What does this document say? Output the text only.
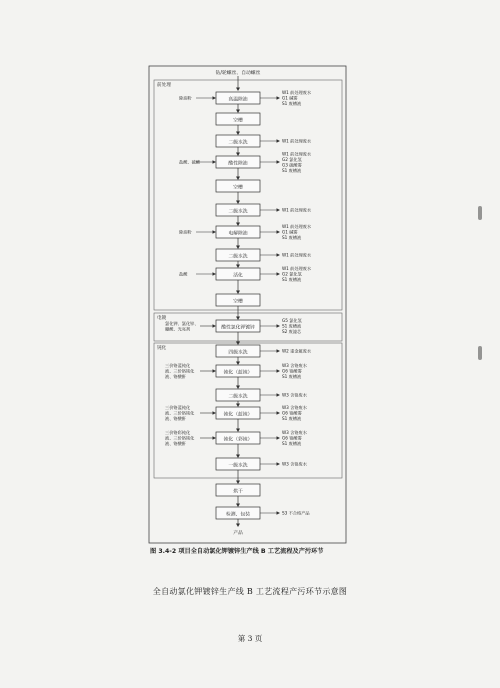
前处理
电镀
钝化
钻/轮螺丝、自动螺丝
高温除油
除油粉
W1 前处理废水
G1 碱雾
S1 废槽液
空槽
二级水洗	W1 前处理废水
酸性除油
盐酸、硫酸
W1 前处理废水
G2 氯化氢
G3 硫酸雾
S1 废槽液
空槽
二级水洗	W1 前处理废水
电解除油
除油粉
W1 前处理废水
G1 碱雾
S1 废槽液
二级水洗	W1 前处理废水
活化
盐酸
W1 前处理废水
G2 氯化氢
S1 废槽液
空槽
酸性氯化钾镀锌
氯化钾、氯化锌、
硼酸、光亮剂
G5 氯化氢
S1 废槽液
S2 废滤芯
四级水洗	W2 重金属废水
钝化（蓝钝）
三价铬蓝钝化
液、三价铬钝化
液、铬酸酐
W3 含铬废水
G6 铬酸雾
S1 废槽液
二级水洗	W3 含铬废水
钝化（蓝钝）
三价铬蓝钝化
液、三价铬钝化
液、铬酸酐
W3 含铬废水
G6 铬酸雾
S1 废槽液
钝化（彩钝）
三价铬彩钝化
液、三价铬钝化
液、铬酸酐
W3 含铬废水
G6 铬酸雾
S1 废槽液
一级水洗	W3 含铬废水
烘干
检测、包装	S3 不合格产品
产品
图 3.4-2 项目全自动氯化钾镀锌生产线 B 工艺流程及产污环节
全自动氯化钾镀锌生产线 B 工艺流程产污环节示意图
第 3 页
